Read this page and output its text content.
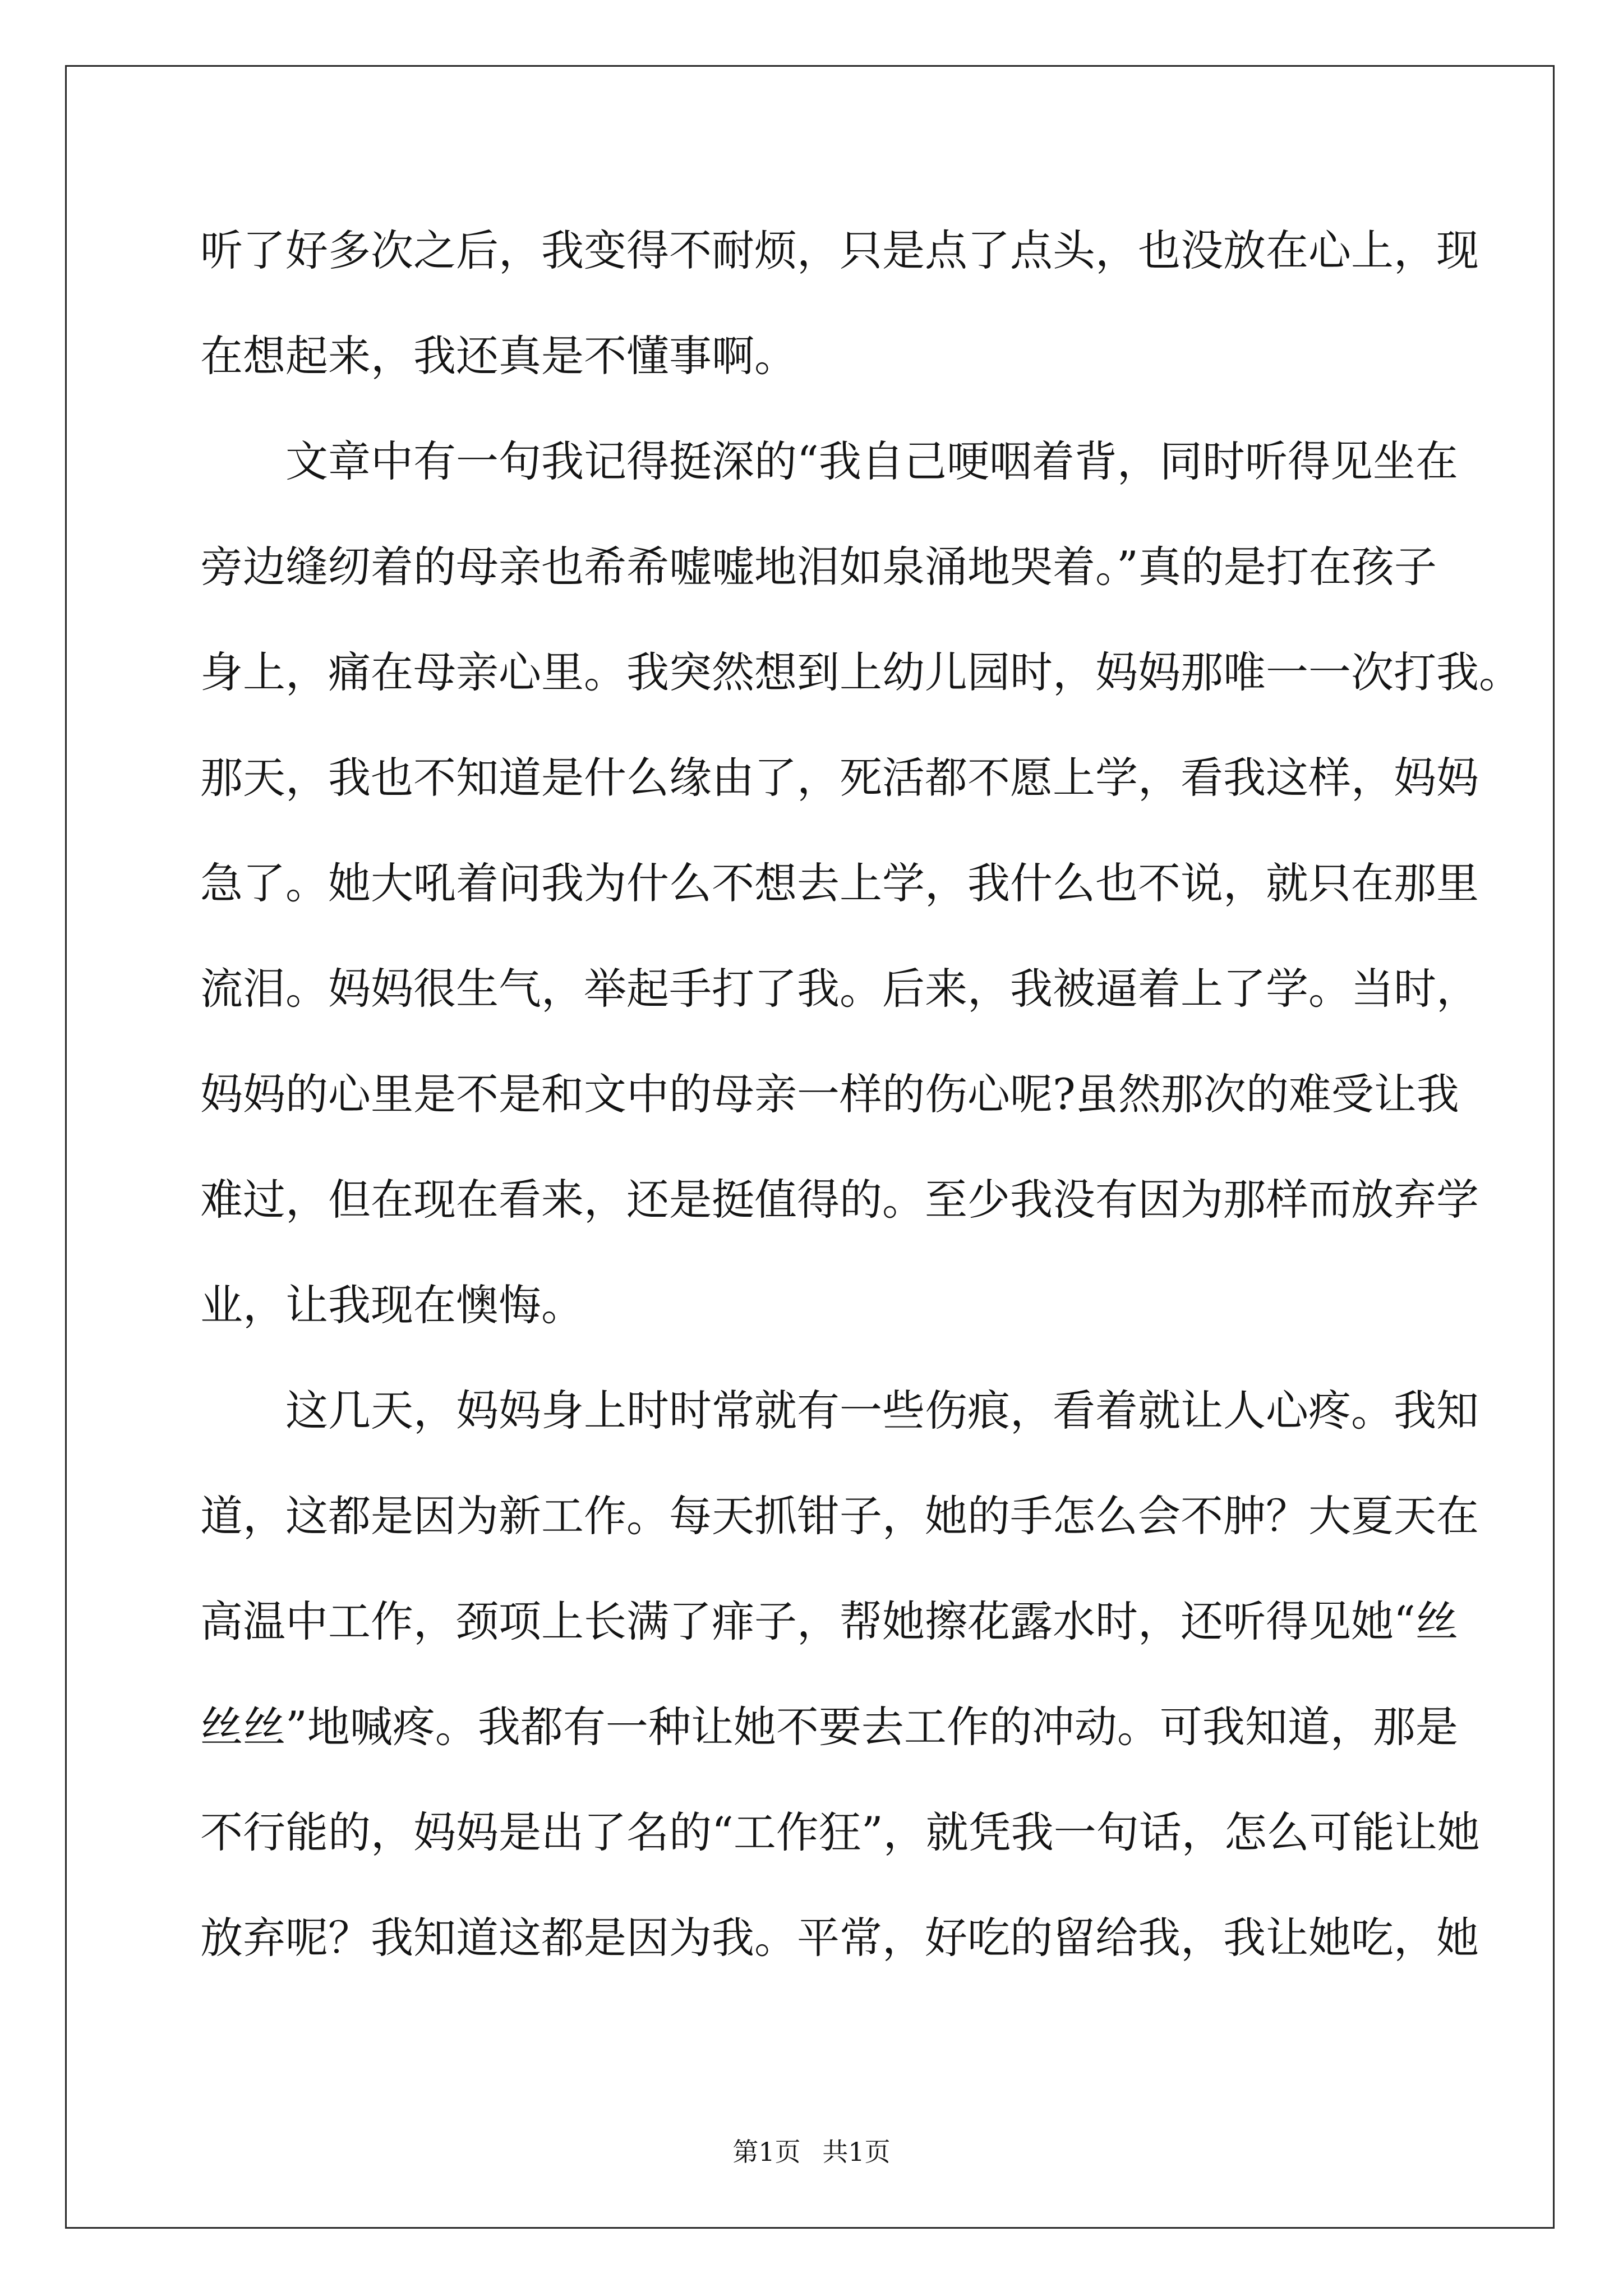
听了好多次之后，我变得不耐烦，只是点了点头，也没放在心上，现
在想起来，我还真是不懂事啊。
文章中有一句我记得挺深的“我自己哽咽着背，同时听得见坐在
旁边缝纫着的母亲也希希嘘嘘地泪如泉涌地哭着。”真的是打在孩子
身上，痛在母亲心里。我突然想到上幼儿园时，妈妈那唯一一次打我。
那天，我也不知道是什么缘由了，死活都不愿上学，看我这样，妈妈
急了。她大吼着问我为什么不想去上学，我什么也不说，就只在那里
流泪。妈妈很生气，举起手打了我。后来，我被逼着上了学。当时，
妈妈的心里是不是和文中的母亲一样的伤心呢?虽然那次的难受让我
难过，但在现在看来，还是挺值得的。至少我没有因为那样而放弃学
业，让我现在懊悔。
这几天，妈妈身上时时常就有一些伤痕，看着就让人心疼。我知
道，这都是因为新工作。每天抓钳子，她的手怎么会不肿？大夏天在
高温中工作，颈项上长满了痱子，帮她擦花露水时，还听得见她“丝
丝丝”地喊疼。我都有一种让她不要去工作的冲动。可我知道，那是
不行能的，妈妈是出了名的“工作狂”，就凭我一句话，怎么可能让她
放弃呢？我知道这都是因为我。平常，好吃的留给我，我让她吃，她
第1页 共1页
